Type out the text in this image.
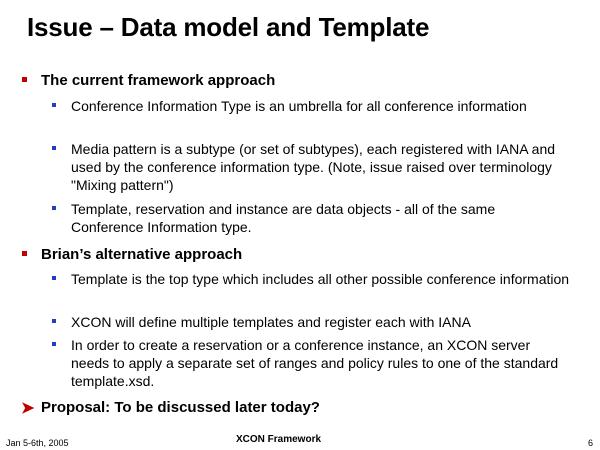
Issue – Data model and Template
The current framework approach
Conference Information Type is an umbrella for all conference information
Media pattern is a subtype (or set of subtypes), each registered with IANA and used by the conference information type. (Note, issue raised over terminology "Mixing pattern")
Template, reservation and instance are data objects - all of the same Conference Information type.
Brian’s alternative approach
Template is the top type which includes all other possible conference information
XCON will define multiple templates and register each with IANA
In order to create a reservation or a conference instance, an XCON server needs to apply a separate set of ranges and policy rules to one of the standard template.xsd.
➤ Proposal: To be discussed later today?
Jan 5-6th, 2005	XCON Framework	6
